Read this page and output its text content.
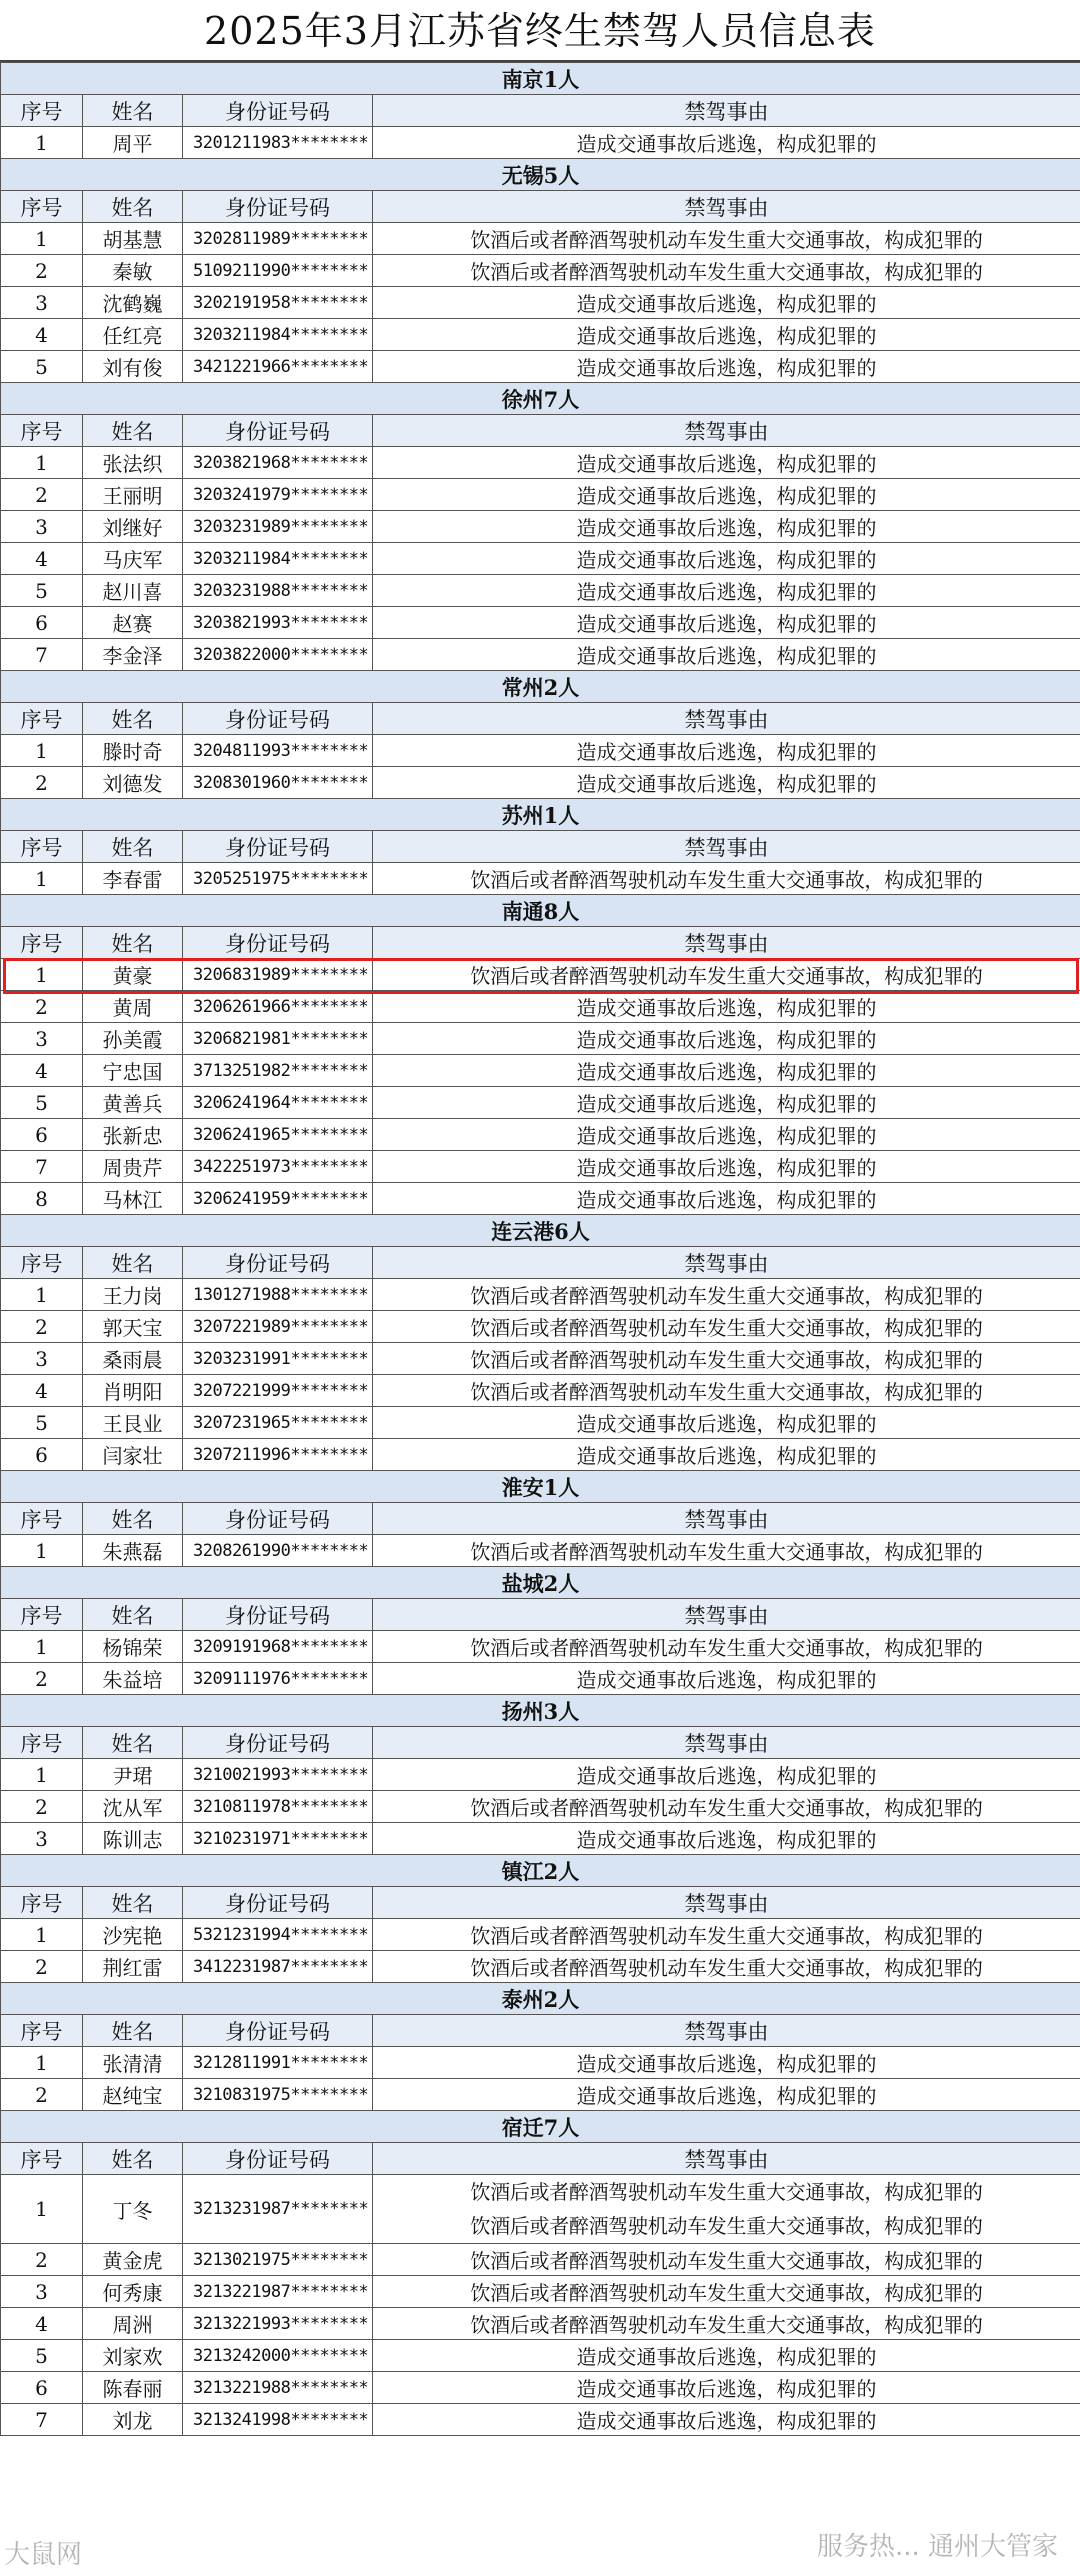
2025年3月江苏省终生禁驾人员信息表
南京1人			
序号	姓名	身份证号码	禁驾事由
1	周平	3201211983********	造成交通事故后逃逸，构成犯罪的
无锡5人			
序号	姓名	身份证号码	禁驾事由
1	胡基慧	3202811989********	饮酒后或者醉酒驾驶机动车发生重大交通事故，构成犯罪的
2	秦敏	5109211990********	饮酒后或者醉酒驾驶机动车发生重大交通事故，构成犯罪的
3	沈鹤巍	3202191958********	造成交通事故后逃逸，构成犯罪的
4	任红亮	3203211984********	造成交通事故后逃逸，构成犯罪的
5	刘有俊	3421221966********	造成交通事故后逃逸，构成犯罪的
徐州7人			
序号	姓名	身份证号码	禁驾事由
1	张法织	3203821968********	造成交通事故后逃逸，构成犯罪的
2	王丽明	3203241979********	造成交通事故后逃逸，构成犯罪的
3	刘继好	3203231989********	造成交通事故后逃逸，构成犯罪的
4	马庆军	3203211984********	造成交通事故后逃逸，构成犯罪的
5	赵川喜	3203231988********	造成交通事故后逃逸，构成犯罪的
6	赵赛	3203821993********	造成交通事故后逃逸，构成犯罪的
7	李金泽	3203822000********	造成交通事故后逃逸，构成犯罪的
常州2人			
序号	姓名	身份证号码	禁驾事由
1	滕时奇	3204811993********	造成交通事故后逃逸，构成犯罪的
2	刘德发	3208301960********	造成交通事故后逃逸，构成犯罪的
苏州1人			
序号	姓名	身份证号码	禁驾事由
1	李春雷	3205251975********	饮酒后或者醉酒驾驶机动车发生重大交通事故，构成犯罪的
南通8人			
序号	姓名	身份证号码	禁驾事由
1	黄豪	3206831989********	饮酒后或者醉酒驾驶机动车发生重大交通事故，构成犯罪的
2	黄周	3206261966********	造成交通事故后逃逸，构成犯罪的
3	孙美霞	3206821981********	造成交通事故后逃逸，构成犯罪的
4	宁忠国	3713251982********	造成交通事故后逃逸，构成犯罪的
5	黄善兵	3206241964********	造成交通事故后逃逸，构成犯罪的
6	张新忠	3206241965********	造成交通事故后逃逸，构成犯罪的
7	周贵芹	3422251973********	造成交通事故后逃逸，构成犯罪的
8	马林江	3206241959********	造成交通事故后逃逸，构成犯罪的
连云港6人			
序号	姓名	身份证号码	禁驾事由
1	王力岗	1301271988********	饮酒后或者醉酒驾驶机动车发生重大交通事故，构成犯罪的
2	郭天宝	3207221989********	饮酒后或者醉酒驾驶机动车发生重大交通事故，构成犯罪的
3	桑雨晨	3203231991********	饮酒后或者醉酒驾驶机动车发生重大交通事故，构成犯罪的
4	肖明阳	3207221999********	饮酒后或者醉酒驾驶机动车发生重大交通事故，构成犯罪的
5	王艮业	3207231965********	造成交通事故后逃逸，构成犯罪的
6	闫家壮	3207211996********	造成交通事故后逃逸，构成犯罪的
淮安1人			
序号	姓名	身份证号码	禁驾事由
1	朱燕磊	3208261990********	饮酒后或者醉酒驾驶机动车发生重大交通事故，构成犯罪的
盐城2人			
序号	姓名	身份证号码	禁驾事由
1	杨锦荣	3209191968********	饮酒后或者醉酒驾驶机动车发生重大交通事故，构成犯罪的
2	朱益培	3209111976********	造成交通事故后逃逸，构成犯罪的
扬州3人			
序号	姓名	身份证号码	禁驾事由
1	尹珺	3210021993********	造成交通事故后逃逸，构成犯罪的
2	沈从军	3210811978********	饮酒后或者醉酒驾驶机动车发生重大交通事故，构成犯罪的
3	陈训志	3210231971********	造成交通事故后逃逸，构成犯罪的
镇江2人			
序号	姓名	身份证号码	禁驾事由
1	沙宪艳	5321231994********	饮酒后或者醉酒驾驶机动车发生重大交通事故，构成犯罪的
2	荆红雷	3412231987********	饮酒后或者醉酒驾驶机动车发生重大交通事故，构成犯罪的
泰州2人			
序号	姓名	身份证号码	禁驾事由
1	张清清	3212811991********	造成交通事故后逃逸，构成犯罪的
2	赵纯宝	3210831975********	造成交通事故后逃逸，构成犯罪的
宿迁7人			
序号	姓名	身份证号码	禁驾事由
1	丁冬	3213231987********	饮酒后或者醉酒驾驶机动车发生重大交通事故，构成犯罪的
饮酒后或者醉酒驾驶机动车发生重大交通事故，构成犯罪的

2	黄金虎	3213021975********	饮酒后或者醉酒驾驶机动车发生重大交通事故，构成犯罪的
3	何秀康	3213221987********	饮酒后或者醉酒驾驶机动车发生重大交通事故，构成犯罪的
4	周洲	3213221993********	饮酒后或者醉酒驾驶机动车发生重大交通事故，构成犯罪的
5	刘家欢	3213242000********	造成交通事故后逃逸，构成犯罪的
6	陈春丽	3213221988********	造成交通事故后逃逸，构成犯罪的
7	刘龙	3213241998********	造成交通事故后逃逸，构成犯罪的
大鼠网	服务热... 通州大管家
